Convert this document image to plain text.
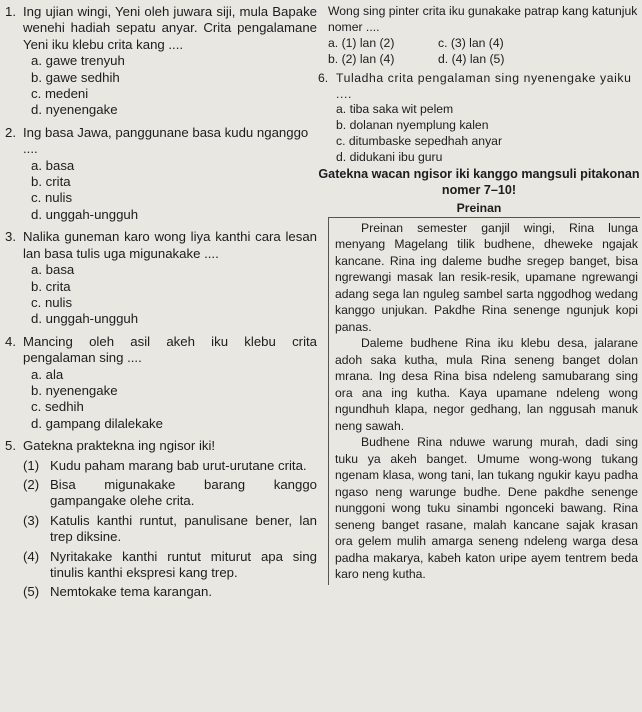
1. Ing ujian wingi, Yeni oleh juwara siji, mula Bapake wenehi hadiah sepatu anyar. Crita pengalamane Yeni iku klebu crita kang ....
a. gawe trenyuh
b. gawe sedhih
c. medeni
d. nyenengake
2. Ing basa Jawa, panggunane basa kudu nganggo ....
a. basa
b. crita
c. nulis
d. unggah-ungguh
3. Nalika guneman karo wong liya kanthi cara lesan lan basa tulis uga migunakake ....
a. basa
b. crita
c. nulis
d. unggah-ungguh
4. Mancing oleh asil akeh iku klebu crita pengalaman sing ....
a. ala
b. nyenengake
c. sedhih
d. gampang dilalekake
5. Gatekna praktekna ing ngisor iki!
(1) Kudu paham marang bab urut-urutane crita.
(2) Bisa migunakake barang kanggo gampangake olehe crita.
(3) Katulis kanthi runtut, panulisane bener, lan trep diksine.
(4) Nyritakake kanthi runtut miturut apa sing tinulis kanthi ekspresi kang trep.
(5) Nemtokake tema karangan.
Wong sing pinter crita iku gunakake patrap kang katunjuk nomer ....
a. (1) lan (2)	c. (3) lan (4)
b. (2) lan (4)	d. (4) lan (5)
6. Tuladha crita pengalaman sing nyenengake yaiku ....
a. tiba saka wit pelem
b. dolanan nyemplung kalen
c. ditumbaske sepedhah anyar
d. didukani ibu guru
Gatekna wacan ngisor iki kanggo mangsuli pitakonan nomer 7–10!
Preinan
Preinan semester ganjil wingi, Rina lunga menyang Magelang tilik budhene, dheweke ngajak kancane. Rina ing daleme budhe sregep banget, bisa ngrewangi masak lan resik-resik, upamane ngrewangi adang sega lan nguleg sambel sarta nggodhog wedang kanggo unjukan. Pakdhe Rina senenge ngunjuk kopi panas.
Daleme budhene Rina iku klebu desa, jalarane adoh saka kutha, mula Rina seneng banget dolan mrana. Ing desa Rina bisa ndeleng samubarang sing ora ana ing kutha. Kaya upamane ndeleng wong ngundhuh klapa, negor gedhang, lan nggusah manuk neng sawah.
Budhene Rina nduwe warung murah, dadi sing tuku ya akeh banget. Umume wong-wong tukang ngenam klasa, wong tani, lan tukang ngukir kayu padha ngaso neng warunge budhe. Dene pakdhe senenge nunggoni wong tuku sinambi ngonceki bawang. Rina seneng banget rasane, malah kancane sajak krasan ora gelem mulih amarga seneng ndeleng warga desa padha makarya, kabeh katon uripe ayem tentrem beda karo neng kutha.
